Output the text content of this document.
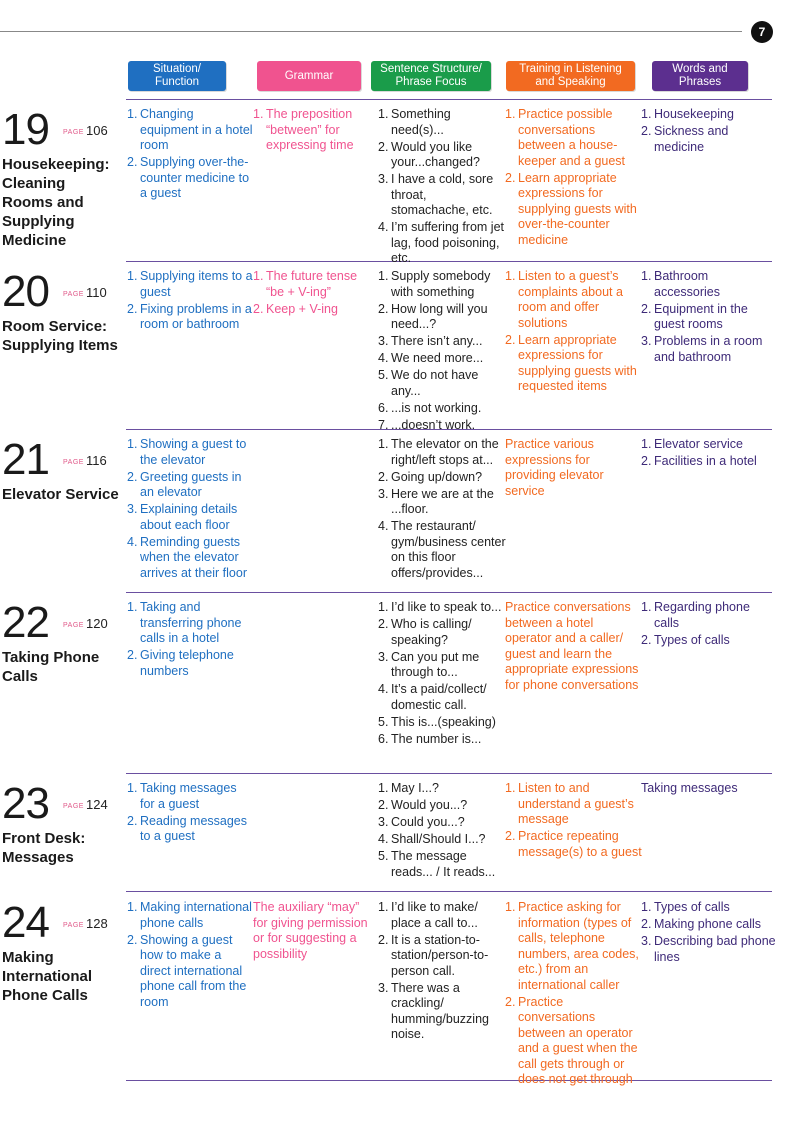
7
Situation/
Function
Grammar
Sentence Structure/
Phrase Focus
Training in Listening
and Speaking
Words and
Phrases
19 PAGE 106
Housekeeping: Cleaning Rooms and Supplying Medicine
1. Changing equipment in a hotel room
2. Supplying over-the-counter medicine to a guest
1. The preposition “between” for expressing time
1. Something need(s)...
2. Would you like your...changed?
3. I have a cold, sore throat, stomachache, etc.
4. I’m suffering from jet lag, food poisoning, etc.
1. Practice possible conversations between a house-keeper and a guest
2. Learn appropriate expressions for supplying guests with over-the-counter medicine
1. Housekeeping
2. Sickness and medicine
20 PAGE 110
Room Service: Supplying Items
1. Supplying items to a guest
2. Fixing problems in a room or bathroom
1. The future tense “be + V-ing”
2. Keep + V-ing
1. Supply somebody with something
2. How long will you need...?
3. There isn’t any...
4. We need more...
5. We do not have any...
6. ...is not working.
7. ...doesn’t work.
1. Listen to a guest’s complaints about a room and offer solutions
2. Learn appropriate expressions for supplying guests with requested items
1. Bathroom accessories
2. Equipment in the guest rooms
3. Problems in a room and bathroom
21 PAGE 116
Elevator Service
1. Showing a guest to the elevator
2. Greeting guests in an elevator
3. Explaining details about each floor
4. Reminding guests when the elevator arrives at their floor
1. The elevator on the right/left stops at...
2. Going up/down?
3. Here we are at the ...floor.
4. The restaurant/ gym/business center on this floor offers/provides...
Practice various expressions for providing elevator service
1. Elevator service
2. Facilities in a hotel
22 PAGE 120
Taking Phone Calls
1. Taking and transferring phone calls in a hotel
2. Giving telephone numbers
1. I’d like to speak to...
2. Who is calling/ speaking?
3. Can you put me through to...
4. It’s a paid/collect/ domestic call.
5. This is...(speaking)
6. The number is...
Practice conversations between a hotel operator and a caller/ guest and learn the appropriate expressions for phone conversations
1. Regarding phone calls
2. Types of calls
23 PAGE 124
Front Desk: Messages
1. Taking messages for a guest
2. Reading messages to a guest
1. May I...?
2. Would you...?
3. Could you...?
4. Shall/Should I...?
5. The message reads... / It reads...
1. Listen to and understand a guest’s message
2. Practice repeating message(s) to a guest
Taking messages
24 PAGE 128
Making International Phone Calls
1. Making international phone calls
2. Showing a guest how to make a direct international phone call from the room
The auxiliary “may” for giving permission or for suggesting a possibility
1. I’d like to make/ place a call to...
2. It is a station-to-station/person-to-person call.
3. There was a crackling/ humming/buzzing noise.
1. Practice asking for information (types of calls, telephone numbers, area codes, etc.) from an international caller
2. Practice conversations between an operator and a guest when the call gets through or does not get through
1. Types of calls
2. Making phone calls
3. Describing bad phone lines
